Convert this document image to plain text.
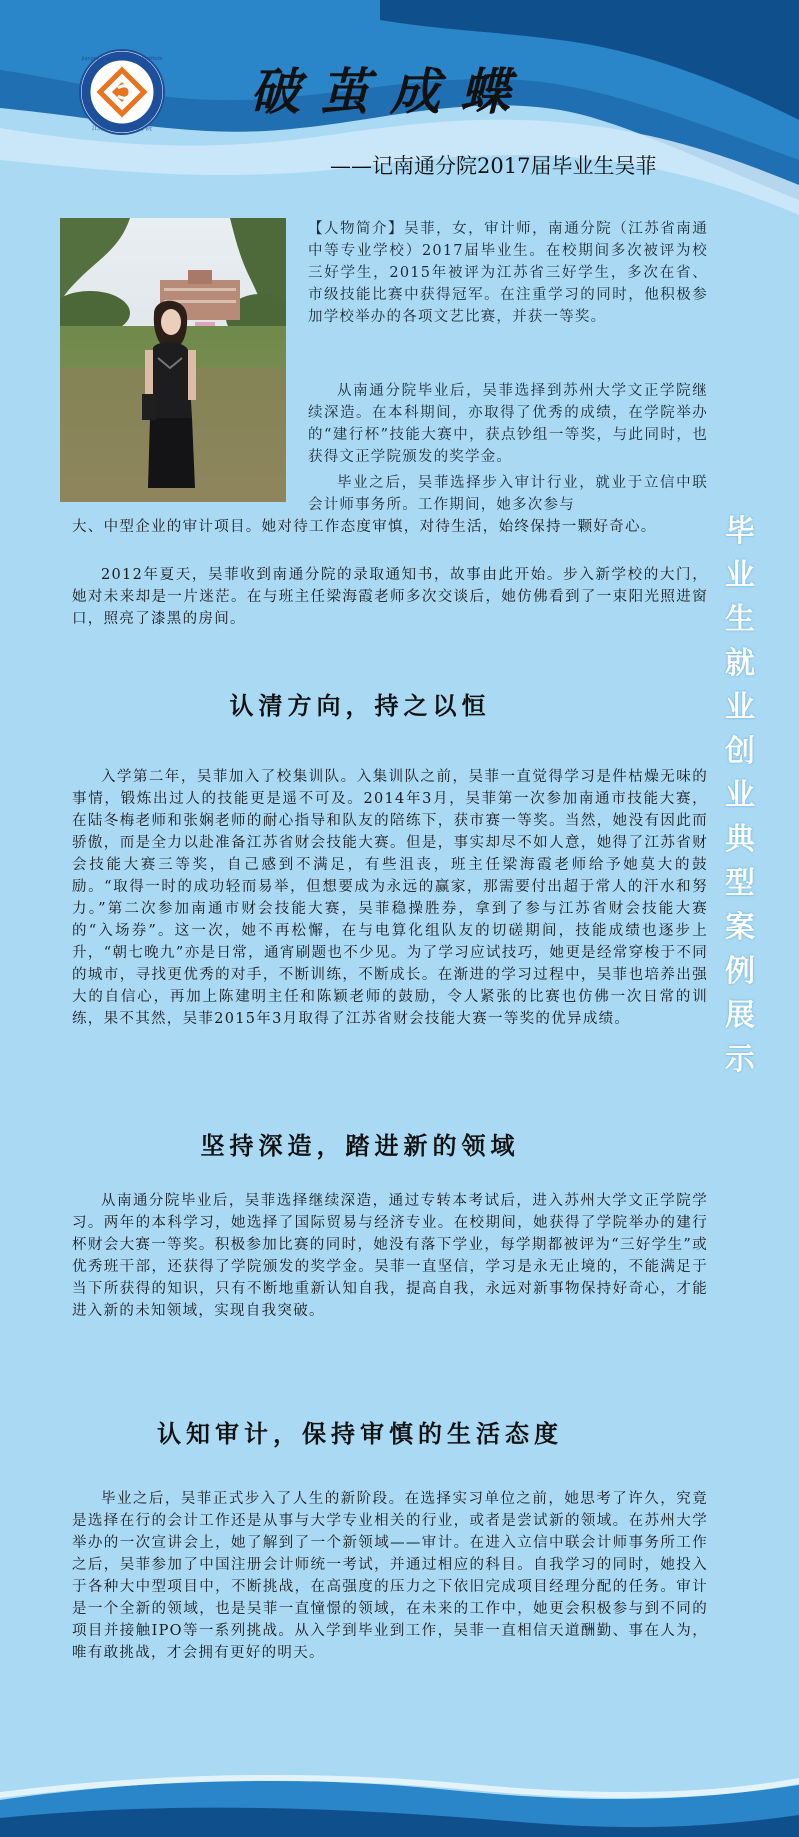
江苏联合职业技术学院
Jiangsu Union Technical Institute
破茧成蝶
——记南通分院2017届毕业生吴菲

【人物简介】吴菲，女，审计师，南通分院（江苏省南通中等专业学校）2017届毕业生。在校期间多次被评为校三好学生，2015年被评为江苏省三好学生，多次在省、市级技能比赛中获得冠军。在注重学习的同时，他积极参加学校举办的各项文艺比赛，并获一等奖。

从南通分院毕业后，吴菲选择到苏州大学文正学院继续深造。在本科期间，亦取得了优秀的成绩，在学院举办的“建行杯”技能大赛中，获点钞组一等奖，与此同时，也获得文正学院颁发的奖学金。

毕业之后，吴菲选择步入审计行业，就业于立信中联会计师事务所。工作期间，她多次参与

大、中型企业的审计项目。她对待工作态度审慎，对待生活，始终保持一颗好奇心。

2012年夏天，吴菲收到南通分院的录取通知书，故事由此开始。步入新学校的大门，她对未来却是一片迷茫。在与班主任梁海霞老师多次交谈后，她仿佛看到了一束阳光照进窗口，照亮了漆黑的房间。

认清方向，持之以恒

入学第二年，吴菲加入了校集训队。入集训队之前，吴菲一直觉得学习是件枯燥无味的事情，锻炼出过人的技能更是遥不可及。2014年3月，吴菲第一次参加南通市技能大赛，在陆冬梅老师和张娴老师的耐心指导和队友的陪练下，获市赛一等奖。当然，她没有因此而骄傲，而是全力以赴准备江苏省财会技能大赛。但是，事实却尽不如人意，她得了江苏省财会技能大赛三等奖，自己感到不满足，有些沮丧，班主任梁海霞老师给予她莫大的鼓励。“取得一时的成功轻而易举，但想要成为永远的赢家，那需要付出超于常人的汗水和努力。”第二次参加南通市财会技能大赛，吴菲稳操胜券，拿到了参与江苏省财会技能大赛的“入场券”。这一次，她不再松懈，在与电算化组队友的切磋期间，技能成绩也逐步上升，“朝七晚九”亦是日常，通宵刷题也不少见。为了学习应试技巧，她更是经常穿梭于不同的城市，寻找更优秀的对手，不断训练，不断成长。在渐进的学习过程中，吴菲也培养出强大的自信心，再加上陈建明主任和陈颖老师的鼓励，令人紧张的比赛也仿佛一次日常的训练，果不其然，吴菲2015年3月取得了江苏省财会技能大赛一等奖的优异成绩。

坚持深造，踏进新的领域

从南通分院毕业后，吴菲选择继续深造，通过专转本考试后，进入苏州大学文正学院学习。两年的本科学习，她选择了国际贸易与经济专业。在校期间，她获得了学院举办的建行杯财会大赛一等奖。积极参加比赛的同时，她没有落下学业，每学期都被评为“三好学生”或优秀班干部，还获得了学院颁发的奖学金。吴菲一直坚信，学习是永无止境的，不能满足于当下所获得的知识，只有不断地重新认知自我，提高自我，永远对新事物保持好奇心，才能进入新的未知领域，实现自我突破。

认知审计，保持审慎的生活态度

毕业之后，吴菲正式步入了人生的新阶段。在选择实习单位之前，她思考了许久，究竟是选择在行的会计工作还是从事与大学专业相关的行业，或者是尝试新的领域。在苏州大学举办的一次宣讲会上，她了解到了一个新领域——审计。在进入立信中联会计师事务所工作之后，吴菲参加了中国注册会计师统一考试，并通过相应的科目。自我学习的同时，她投入于各种大中型项目中，不断挑战，在高强度的压力之下依旧完成项目经理分配的任务。审计是一个全新的领域，也是吴菲一直憧憬的领域，在未来的工作中，她更会积极参与到不同的项目并接触IPO等一系列挑战。从入学到毕业到工作，吴菲一直相信天道酬勤、事在人为，唯有敢挑战，才会拥有更好的明天。

毕
业
生
就
业
创
业
典
型
案
例
展
示
